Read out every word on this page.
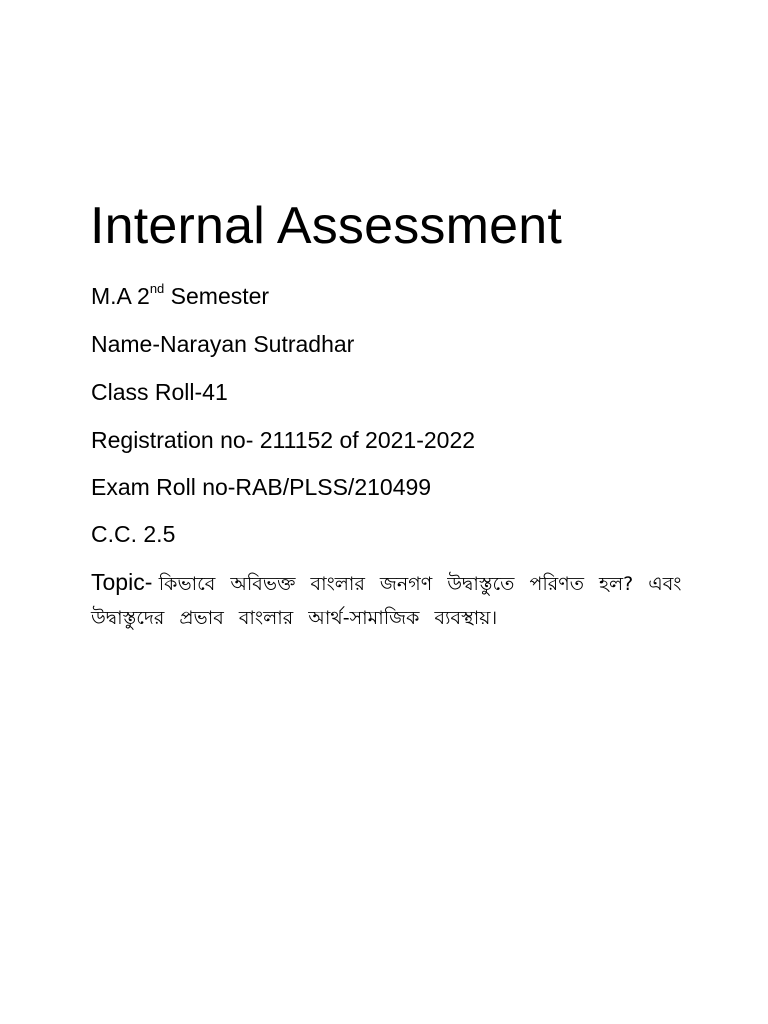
Internal Assessment
M.A 2nd Semester
Name-Narayan Sutradhar
Class Roll-41
Registration no- 211152 of 2021-2022
Exam Roll no-RAB/PLSS/210499
C.C. 2.5
Topic- কিভাবে অবিভক্ত বাংলার জনগণ উদ্বাস্তুতে পরিণত হল? এবং উদ্বাস্তুদের প্রভাব বাংলার আর্থ-সামাজিক ব্যবস্থায়।
